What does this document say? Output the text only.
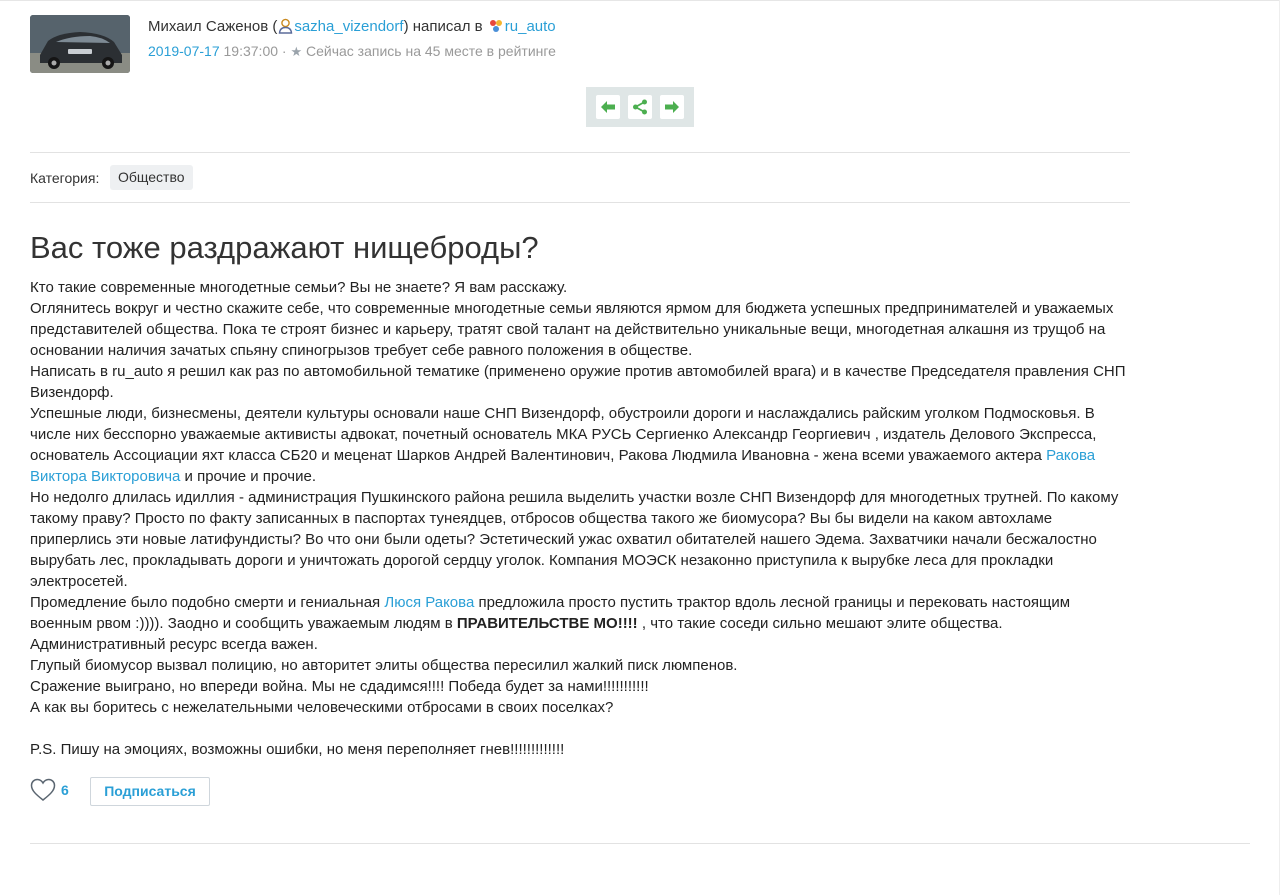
Михаил Саженов ( sazha_vizendorf) написал в ru_auto
2019-07-17 19:37:00 · ★ Сейчас запись на 45 месте в рейтинге
Категория:	Общество
Вас тоже раздражают нищеброды?

Кто такие современные многодетные семьи? Вы не знаете? Я вам расскажу.

Оглянитесь вокруг и честно скажите себе, что современные многодетные семьи являются ярмом для бюджета успешных предпринимателей и уважаемых представителей общества. Пока те строят бизнес и карьеру, тратят свой талант на действительно уникальные вещи, многодетная алкашня из трущоб на основании наличия зачатых спьяну спиногрызов требует себе равного положения в обществе.

Написать в ru_auto я решил как раз по автомобильной тематике (применено оружие против автомобилей врага) и в качестве Председателя правления СНП Визендорф.

Успешные люди, бизнесмены, деятели культуры основали наше СНП Визендорф, обустроили дороги и наслаждались райским уголком Подмосковья. В числе них бесспорно уважаемые активисты адвокат, почетный основатель МКА РУСЬ Сергиенко Александр Георгиевич , издатель Делового Экспресса, основатель Ассоциации яхт класса СБ20 и меценат Шарков Андрей Валентинович, Ракова Людмила Ивановна - жена всеми уважаемого актера Ракова Виктора Викторовича и прочие и прочие.

Но недолго длилась идиллия - администрация Пушкинского района решила выделить участки возле СНП Визендорф для многодетных трутней. По какому такому праву? Просто по факту записанных в паспортах тунеядцев, отбросов общества такого же биомусора? Вы бы видели на каком автохламе приперлись эти новые латифундисты? Во что они были одеты? Эстетический ужас охватил обитателей нашего Эдема. Захватчики начали бесжалостно вырубать лес, прокладывать дороги и уничтожать дорогой сердцу уголок. Компания МОЭСК незаконно приступила к вырубке леса для прокладки электросетей.

Промедление было подобно смерти и гениальная Люся Ракова предложила просто пустить трактор вдоль лесной границы и перековать настоящим военным рвом :)))). Заодно и сообщить уважаемым людям в ПРАВИТЕЛЬСТВЕ МО!!!! , что такие соседи сильно мешают элите общества.

Административный ресурс всегда важен.

Глупый биомусор вызвал полицию, но авторитет элиты общества пересилил жалкий писк люмпенов.

Сражение выиграно, но впереди война. Мы не сдадимся!!!! Победа будет за нами!!!!!!!!!!!

А как вы боритесь с нежелательными человеческими отбросами в своих поселках?

P.S. Пишу на эмоциях, возможны ошибки, но меня переполняет гнев!!!!!!!!!!!!!

6	Подписаться
